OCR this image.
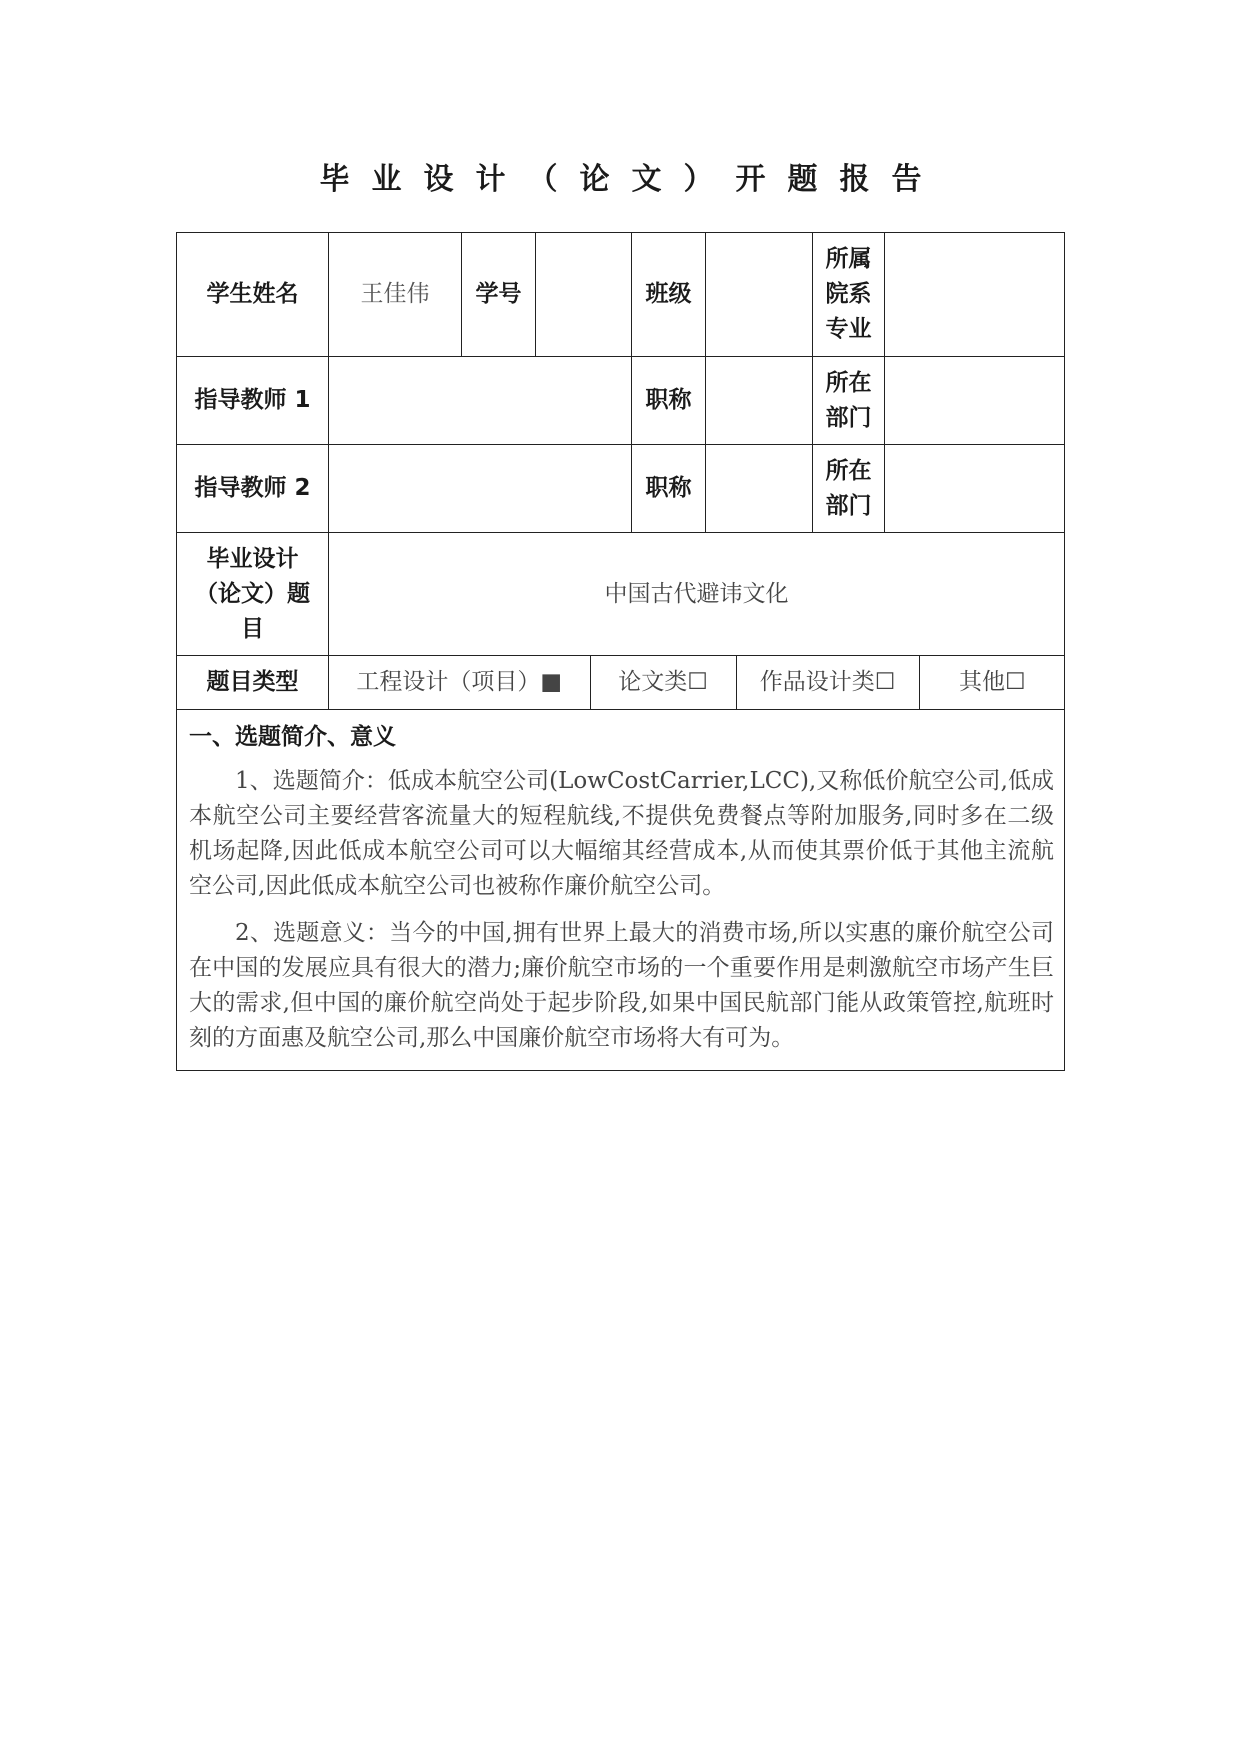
毕业设计（论文）开题报告
学生姓名	王佳伟	学号		班级		所属院系专业	
指导教师 1		职称		所在部门	
指导教师 2		职称		所在部门	
毕业设计（论文）题目	中国古代避讳文化
题目类型		工程设计（项目）■	论文类☐	作品设计类☐	其他☐

一、选题简介、意义

1、选题简介：低成本航空公司(LowCostCarrier,LCC),又称低价航空公司,低成本航空公司主要经营客流量大的短程航线,不提供免费餐点等附加服务,同时多在二级机场起降,因此低成本航空公司可以大幅缩其经营成本,从而使其票价低于其他主流航空公司,因此低成本航空公司也被称作廉价航空公司。

2、选题意义：当今的中国,拥有世界上最大的消费市场,所以实惠的廉价航空公司在中国的发展应具有很大的潜力;廉价航空市场的一个重要作用是刺激航空市场产生巨大的需求,但中国的廉价航空尚处于起步阶段,如果中国民航部门能从政策管控,航班时刻的方面惠及航空公司,那么中国廉价航空市场将大有可为。
